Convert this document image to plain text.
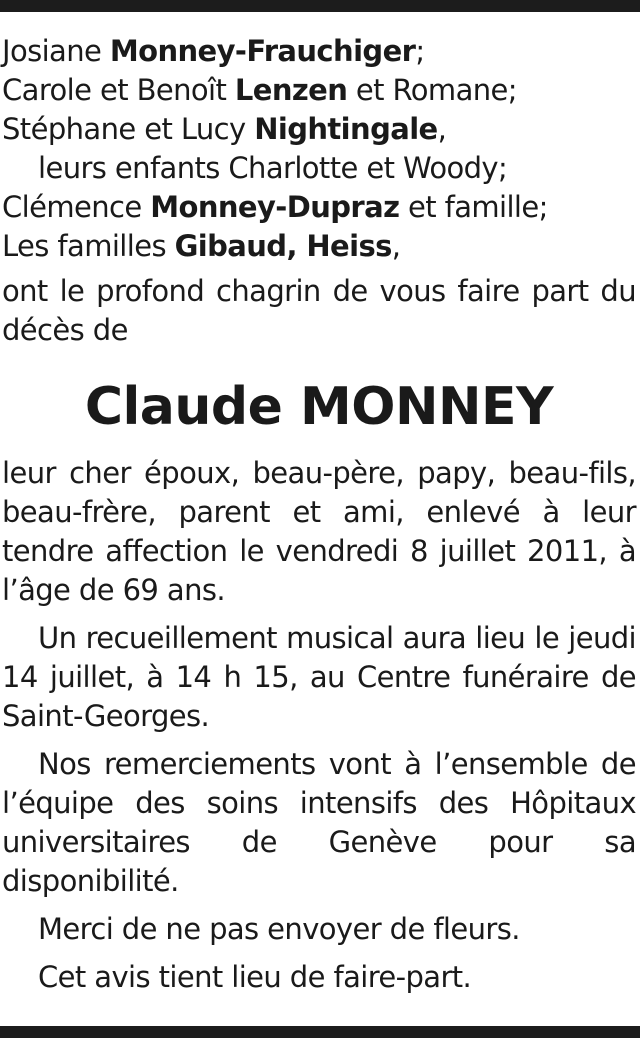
Josiane Monney-Frauchiger;
Carole et Benoît Lenzen et Romane;
Stéphane et Lucy Nightingale,
leurs enfants Charlotte et Woody;
Clémence Monney-Dupraz et famille;
Les familles Gibaud, Heiss,
ont le profond chagrin de vous faire part du décès de
Claude MONNEY
leur cher époux, beau-père, papy, beau-fils, beau-frère, parent et ami, enlevé à leur tendre affection le vendredi 8 juillet 2011, à l’âge de 69 ans.
Un recueillement musical aura lieu le jeudi 14 juillet, à 14 h 15, au Centre funéraire de Saint-Georges.
Nos remerciements vont à l’ensemble de l’équipe des soins intensifs des Hôpitaux universitaires de Genève pour sa disponibilité.
Merci de ne pas envoyer de fleurs.
Cet avis tient lieu de faire-part.
